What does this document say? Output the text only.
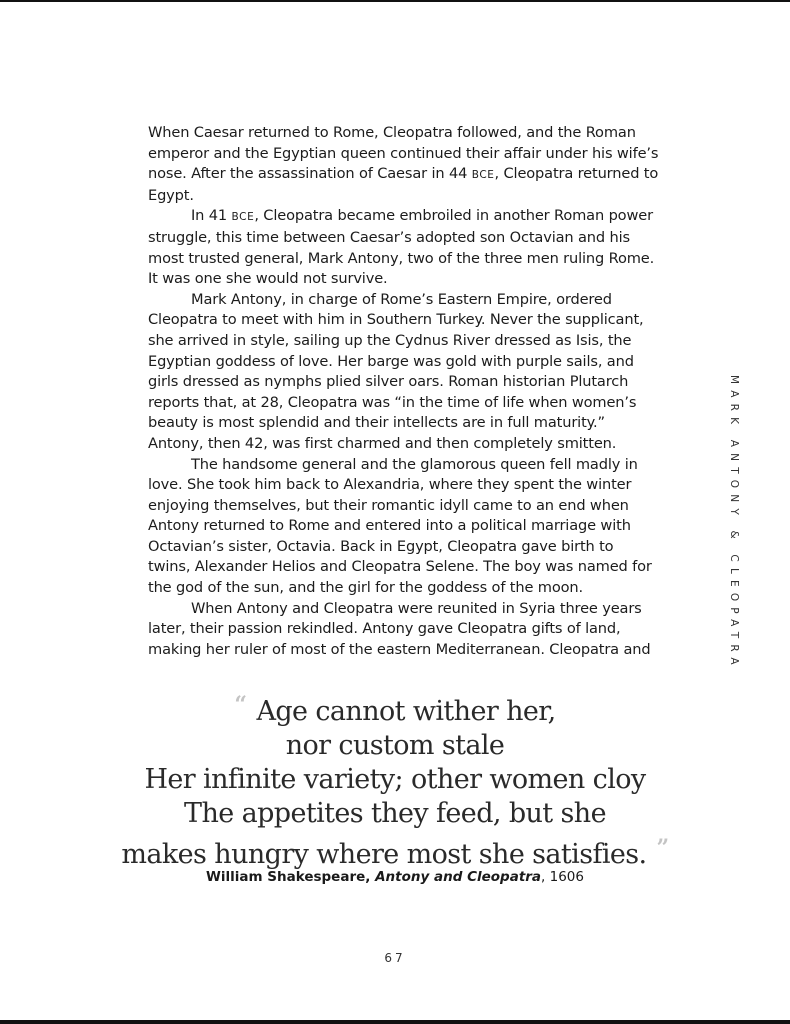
When Caesar returned to Rome, Cleopatra followed, and the Roman emperor and the Egyptian queen continued their affair under his wife’s nose. After the assassination of Caesar in 44 BCE, Cleopatra returned to Egypt.

In 41 BCE, Cleopatra became embroiled in another Roman power struggle, this time between Caesar’s adopted son Octavian and his most trusted general, Mark Antony, two of the three men ruling Rome. It was one she would not survive.

Mark Antony, in charge of Rome’s Eastern Empire, ordered Cleopatra to meet with him in Southern Turkey. Never the supplicant, she arrived in style, sailing up the Cydnus River dressed as Isis, the Egyptian goddess of love. Her barge was gold with purple sails, and girls dressed as nymphs plied silver oars. Roman historian Plutarch reports that, at 28, Cleopatra was “in the time of life when women’s beauty is most splendid and their intellects are in full maturity.” Antony, then 42, was first charmed and then completely smitten.

The handsome general and the glamorous queen fell madly in love. She took him back to Alexandria, where they spent the winter enjoying themselves, but their romantic idyll came to an end when Antony returned to Rome and entered into a political marriage with Octavian’s sister, Octavia. Back in Egypt, Cleopatra gave birth to twins, Alexander Helios and Cleopatra Selene. The boy was named for the god of the sun, and the girl for the goddess of the moon.

When Antony and Cleopatra were reunited in Syria three years later, their passion rekindled. Antony gave Cleopatra gifts of land, making her ruler of most of the eastern Mediterranean. Cleopatra and	MARK ANTONY & CLEOPATRA
“ Age cannot wither her,
nor custom stale
Her infinite variety; other women cloy
The appetites they feed, but she
makes hungry where most she satisfies. ”
William Shakespeare, Antony and Cleopatra, 1606
67
